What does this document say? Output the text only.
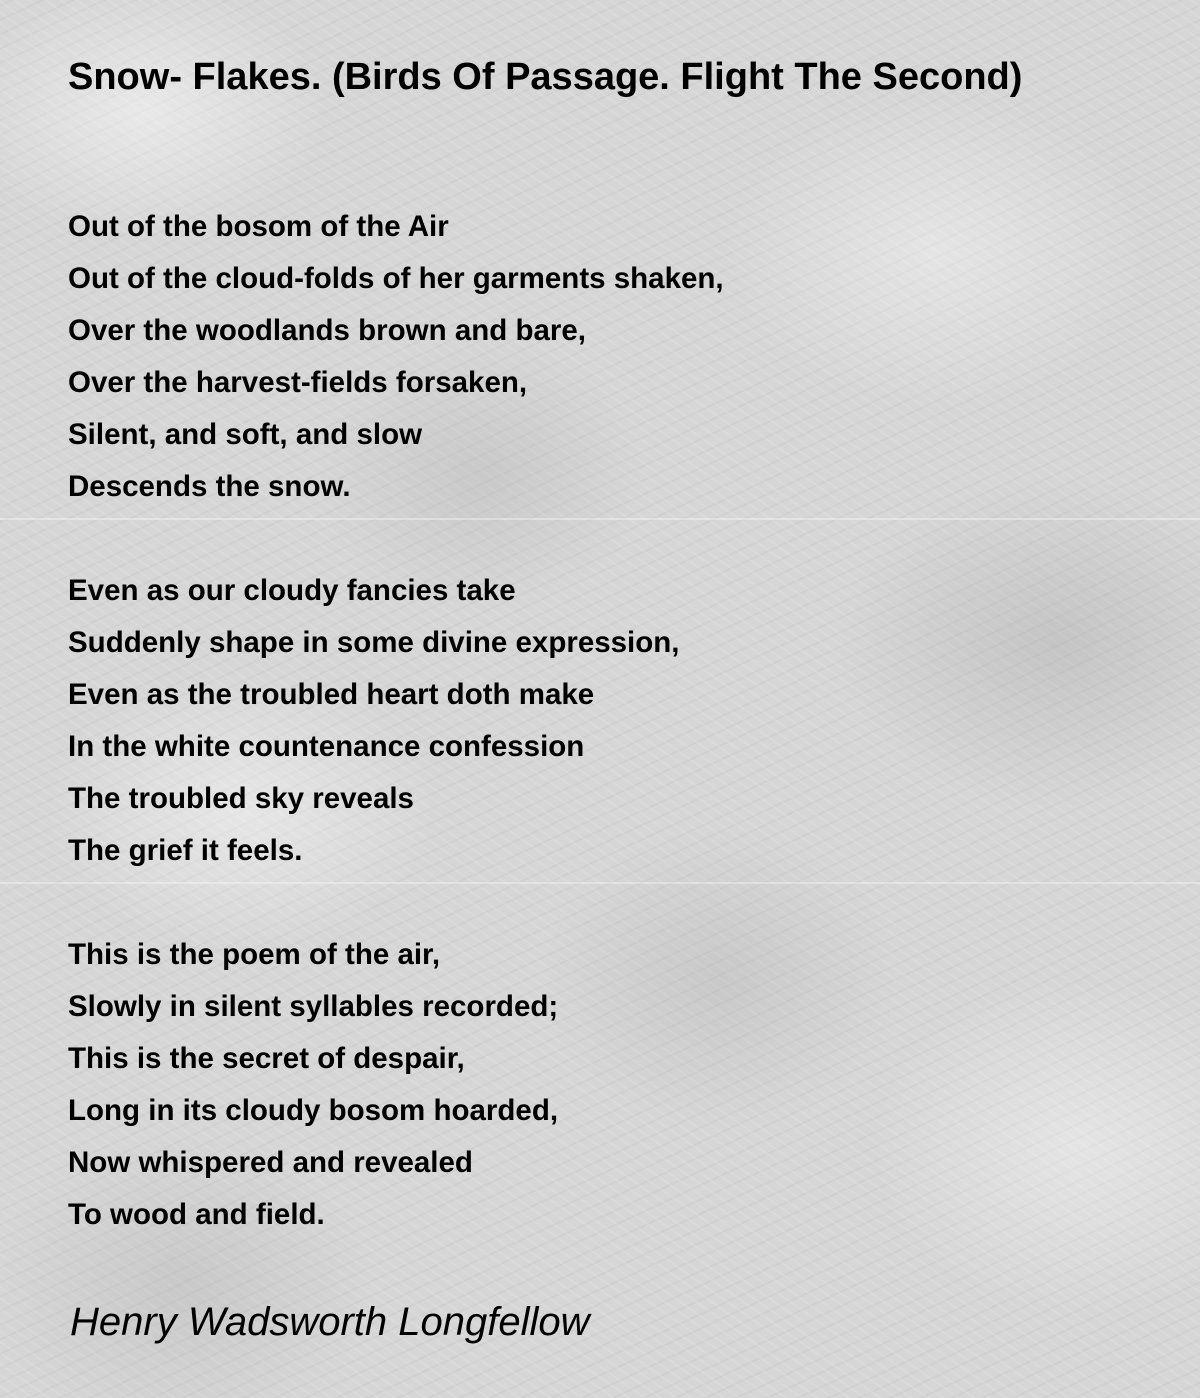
Snow- Flakes. (Birds Of Passage. Flight The Second)
Out of the bosom of the Air
Out of the cloud-folds of her garments shaken,
Over the woodlands brown and bare,
Over the harvest-fields forsaken,
Silent, and soft, and slow
Descends the snow.
Even as our cloudy fancies take
Suddenly shape in some divine expression,
Even as the troubled heart doth make
In the white countenance confession
The troubled sky reveals
The grief it feels.
This is the poem of the air,
Slowly in silent syllables recorded;
This is the secret of despair,
Long in its cloudy bosom hoarded,
Now whispered and revealed
To wood and field.

Henry Wadsworth Longfellow
